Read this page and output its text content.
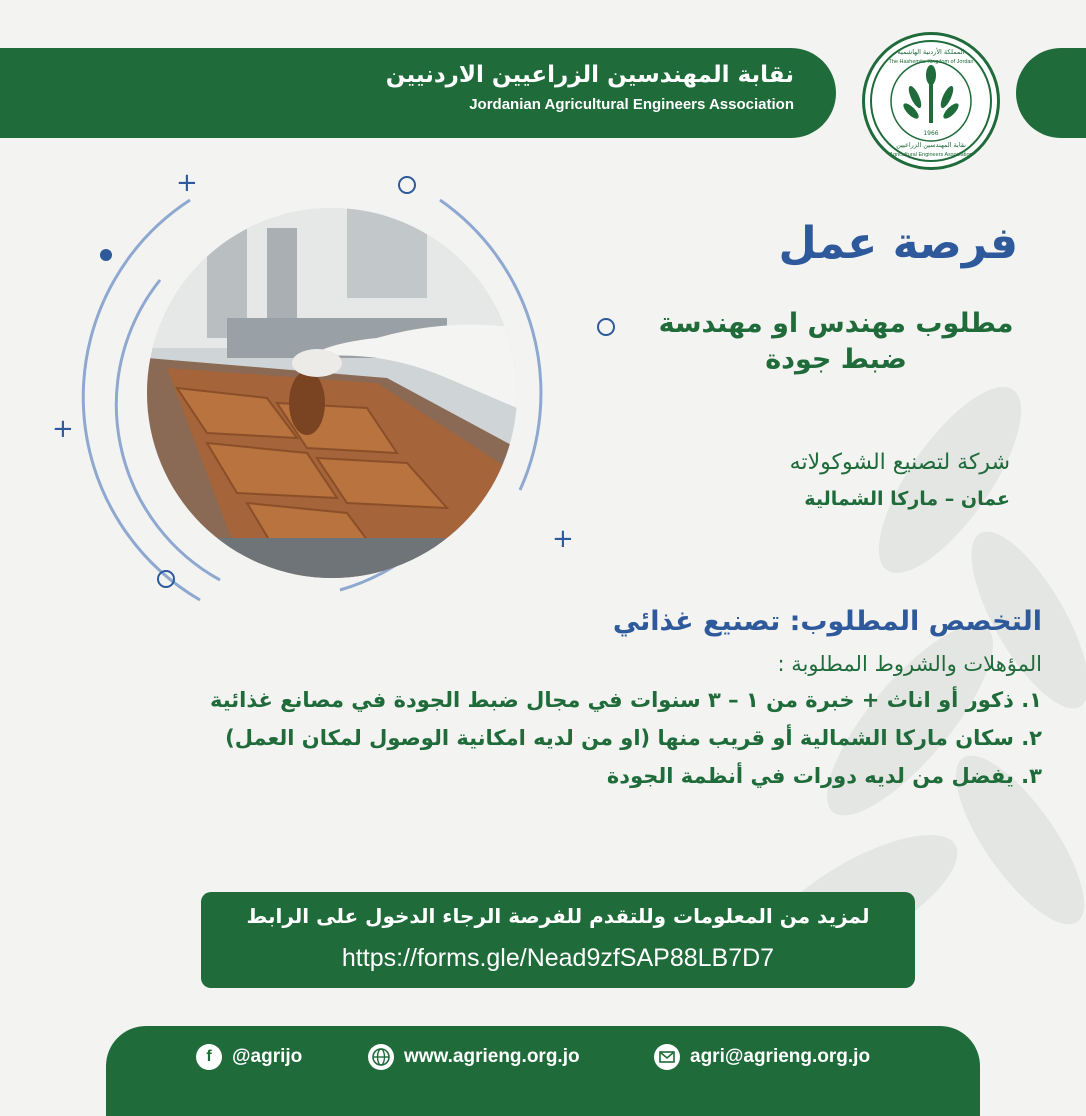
نقابة المهندسين الزراعيين الاردنيين
Jordanian Agricultural Engineers Association
1966
المملكة الأردنية الهاشمية
The Hashemite Kingdom of Jordan
نقابة المهندسين الزراعيين
Agricultural Engineers Association
+
+
+
فرصة عمل
مطلوب مهندس او مهندسة
ضبط جودة
شركة لتصنيع الشوكولاته
عمان – ماركا الشمالية
التخصص المطلوب: تصنيع غذائي
المؤهلات والشروط المطلوبة :
١. ذكور أو اناث + خبرة من ١ – ٣ سنوات في مجال ضبط الجودة في مصانع غذائية
٢. سكان ماركا الشمالية أو قريب منها (او من لديه امكانية الوصول لمكان العمل)
٣. يفضل من لديه دورات في أنظمة الجودة
لمزيد من المعلومات وللتقدم للفرصة الرجاء الدخول على الرابط
https://forms.gle/Nead9zfSAP88LB7D7
f	@agrijo	www.agrieng.org.jo	agri@agrieng.org.jo
